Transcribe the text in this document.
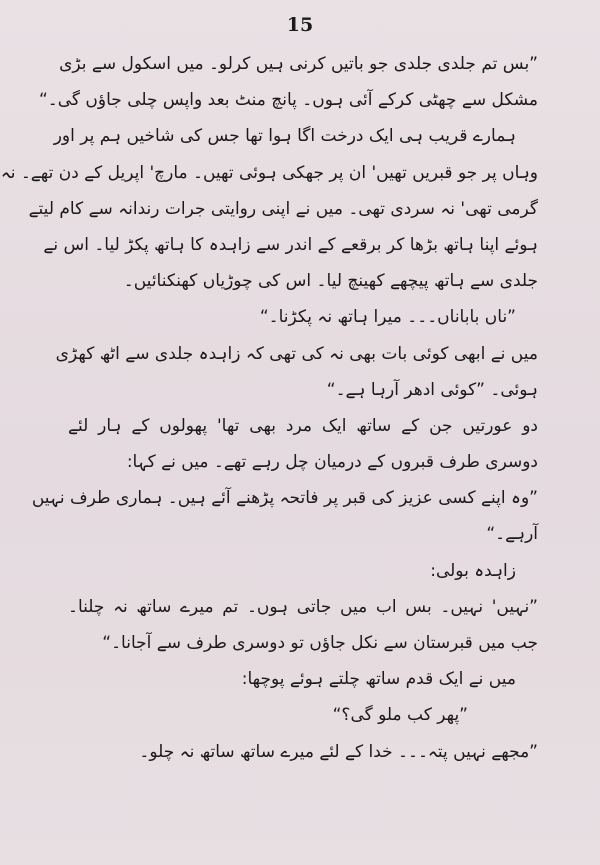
15
”بس تم جلدی جلدی جو باتیں کرنی ہیں کرلو۔ میں اسکول سے بڑی
مشکل سے چھٹی کرکے آئی ہوں۔ پانچ منٹ بعد واپس چلی جاؤں گی۔“
ہمارے قریب ہی ایک درخت اگا ہوا تھا جس کی شاخیں ہم پر اور
وہاں پر جو قبریں تھیں' ان پر جھکی ہوئی تھیں۔ مارچ' اپریل کے دن تھے۔ نہ
گرمی تھی' نہ سردی تھی۔ میں نے اپنی روایتی جرات رندانہ سے کام لیتے
ہوئے اپنا ہاتھ بڑھا کر برقعے کے اندر سے زاہدہ کا ہاتھ پکڑ لیا۔ اس نے
جلدی سے ہاتھ پیچھے کھینچ لیا۔ اس کی چوڑیاں کھنکنائیں۔
”ناں باباناں۔۔۔ میرا ہاتھ نہ پکڑنا۔“
میں نے ابھی کوئی بات بھی نہ کی تھی کہ زاہدہ جلدی سے اٹھ کھڑی
ہوئی۔ ”کوئی ادھر آرہا ہے۔“
دو عورتیں جن کے ساتھ ایک مرد بھی تھا' پھولوں کے ہار لئے
دوسری طرف قبروں کے درمیان چل رہے تھے۔ میں نے کہا:
”وہ اپنے کسی عزیز کی قبر پر فاتحہ پڑھنے آئے ہیں۔ ہماری طرف نہیں
آرہے۔“
زاہدہ بولی:
”نہیں' نہیں۔ بس اب میں جاتی ہوں۔ تم میرے ساتھ نہ چلنا۔
جب میں قبرستان سے نکل جاؤں تو دوسری طرف سے آجانا۔“
میں نے ایک قدم ساتھ چلتے ہوئے پوچھا:
”پھر کب ملو گی؟“
”مجھے نہیں پتہ۔۔۔ خدا کے لئے میرے ساتھ ساتھ نہ چلو۔
